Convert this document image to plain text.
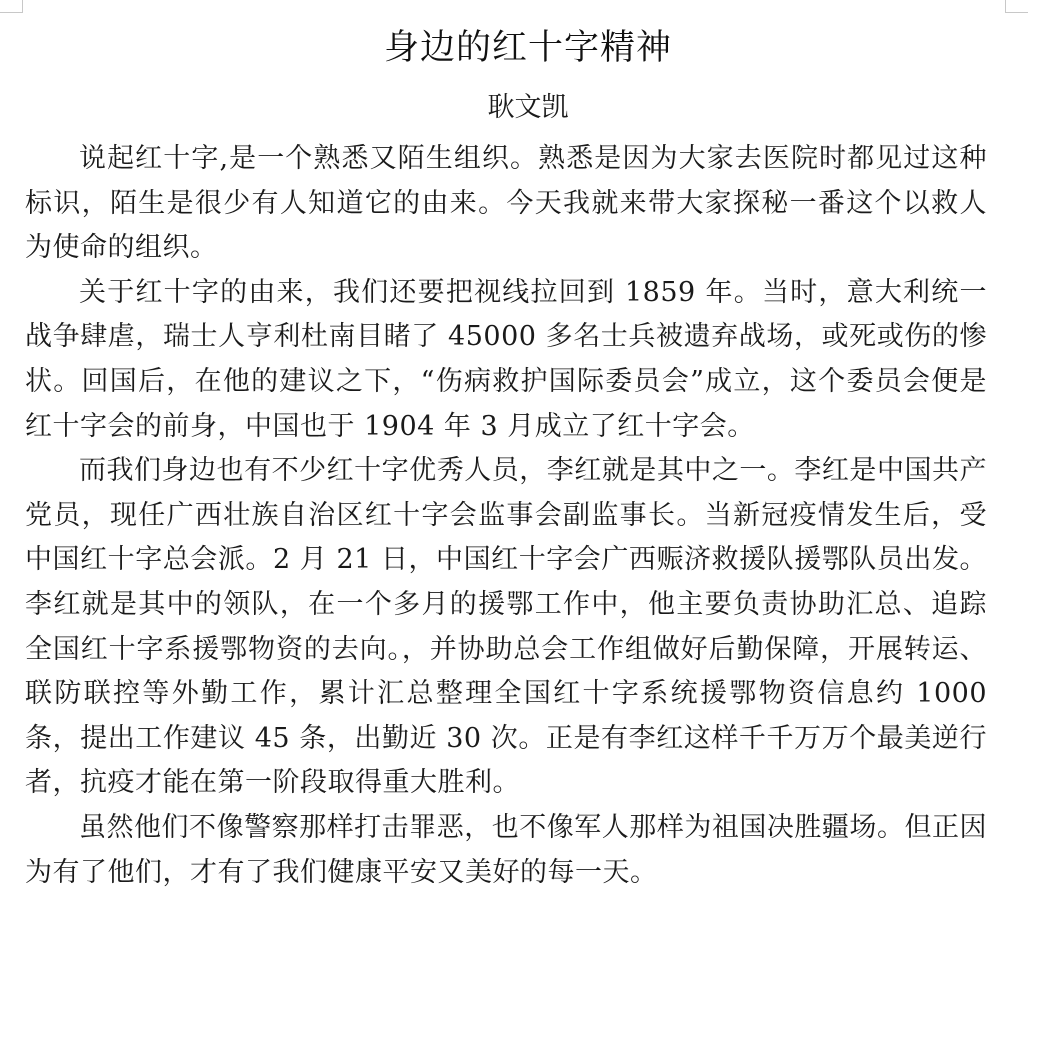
身边的红十字精神
耿文凯

说起红十字,是一个熟悉又陌生组织。熟悉是因为大家去医院时都见过这种标识，陌生是很少有人知道它的由来。今天我就来带大家探秘一番这个以救人为使命的组织。

关于红十字的由来，我们还要把视线拉回到 1859 年。当时，意大利统一战争肆虐，瑞士人亨利杜南目睹了 45000 多名士兵被遗弃战场，或死或伤的惨状。回国后，在他的建议之下，“伤病救护国际委员会”成立，这个委员会便是红十字会的前身，中国也于 1904 年 3 月成立了红十字会。

而我们身边也有不少红十字优秀人员，李红就是其中之一。李红是中国共产党员，现任广西壮族自治区红十字会监事会副监事长。当新冠疫情发生后，受中国红十字总会派。2 月 21 日，中国红十字会广西赈济救援队援鄂队员出发。李红就是其中的领队，在一个多月的援鄂工作中，他主要负责协助汇总、追踪全国红十字系援鄂物资的去向。，并协助总会工作组做好后勤保障，开展转运、联防联控等外勤工作，累计汇总整理全国红十字系统援鄂物资信息约 1000 条，提出工作建议 45 条，出勤近 30 次。正是有李红这样千千万万个最美逆行者，抗疫才能在第一阶段取得重大胜利。

虽然他们不像警察那样打击罪恶，也不像军人那样为祖国决胜疆场。但正因为有了他们，才有了我们健康平安又美好的每一天。
